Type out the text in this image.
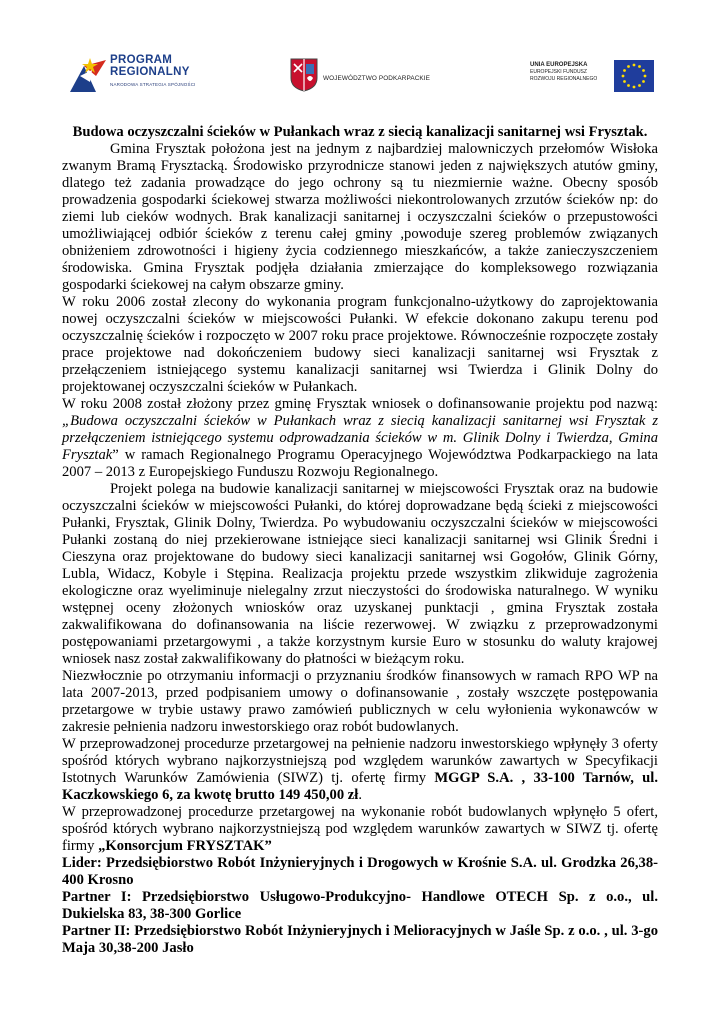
PROGRAM
REGIONALNY
NARODOWA STRATEGIA SPÓJNOŚCI
WOJEWÓDZTWO PODKARPACKIE
UNIA EUROPEJSKA
EUROPEJSKI FUNDUSZ
ROZWOJU REGIONALNEGO

Budowa oczyszczalni ścieków w Pułankach wraz z siecią kanalizacji sanitarnej wsi Frysztak.

Gmina Frysztak położona jest na jednym z najbardziej malowniczych przełomów Wisłoka zwanym Bramą Frysztacką. Środowisko przyrodnicze stanowi jeden z największych atutów gminy, dlatego też zadania prowadzące do jego ochrony są tu niezmiernie ważne. Obecny sposób prowadzenia gospodarki ściekowej stwarza możliwości niekontrolowanych zrzutów ścieków np: do ziemi lub cieków wodnych. Brak kanalizacji sanitarnej i oczyszczalni ścieków o przepustowości umożliwiającej odbiór ścieków z terenu całej gminy ,powoduje szereg problemów związanych obniżeniem zdrowotności i higieny życia codziennego mieszkańców, a także zanieczyszczeniem środowiska. Gmina Frysztak podjęła działania zmierzające do kompleksowego rozwiązania gospodarki ściekowej na całym obszarze gminy.

W roku 2006 został zlecony do wykonania program funkcjonalno-użytkowy do zaprojektowania nowej oczyszczalni ścieków w miejscowości Pułanki. W efekcie dokonano zakupu terenu pod oczyszczalnię ścieków i rozpoczęto w 2007 roku prace projektowe. Równocześnie rozpoczęte zostały prace projektowe nad dokończeniem budowy sieci kanalizacji sanitarnej wsi Frysztak z przełączeniem istniejącego systemu kanalizacji sanitarnej wsi Twierdza i Glinik Dolny do projektowanej oczyszczalni ścieków w Pułankach.

W roku 2008 został złożony przez gminę Frysztak wniosek o dofinansowanie projektu pod nazwą: „Budowa oczyszczalni ścieków w Pułankach wraz z siecią kanalizacji sanitarnej wsi Frysztak z przełączeniem istniejącego systemu odprowadzania ścieków w m. Glinik Dolny i Twierdza, Gmina Frysztak” w ramach Regionalnego Programu Operacyjnego Województwa Podkarpackiego na lata 2007 – 2013 z Europejskiego Funduszu Rozwoju Regionalnego.

Projekt polega na budowie kanalizacji sanitarnej w miejscowości Frysztak oraz na budowie oczyszczalni ścieków w miejscowości Pułanki, do której doprowadzane będą ścieki z miejscowości Pułanki, Frysztak, Glinik Dolny, Twierdza. Po wybudowaniu oczyszczalni ścieków w miejscowości Pułanki zostaną do niej przekierowane istniejące sieci kanalizacji sanitarnej wsi Glinik Średni i Cieszyna oraz projektowane do budowy sieci kanalizacji sanitarnej wsi Gogołów, Glinik Górny, Lubla, Widacz, Kobyle i Stępina. Realizacja projektu przede wszystkim zlikwiduje zagrożenia ekologiczne oraz wyeliminuje nielegalny zrzut nieczystości do środowiska naturalnego. W wyniku wstępnej oceny złożonych wniosków oraz uzyskanej punktacji , gmina Frysztak została zakwalifikowana do dofinansowania na liście rezerwowej. W związku z przeprowadzonymi postępowaniami przetargowymi , a także korzystnym kursie Euro w stosunku do waluty krajowej wniosek nasz został zakwalifikowany do płatności w bieżącym roku.

Niezwłocznie po otrzymaniu informacji o przyznaniu środków finansowych w ramach RPO WP na lata 2007-2013, przed podpisaniem umowy o dofinansowanie , zostały wszczęte postępowania przetargowe w trybie ustawy prawo zamówień publicznych w celu wyłonienia wykonawców w zakresie pełnienia nadzoru inwestorskiego oraz robót budowlanych.

W przeprowadzonej procedurze przetargowej na pełnienie nadzoru inwestorskiego wpłynęły 3 oferty spośród których wybrano najkorzystniejszą pod względem warunków zawartych w Specyfikacji Istotnych Warunków Zamówienia (SIWZ) tj. ofertę firmy MGGP S.A. , 33-100 Tarnów, ul. Kaczkowskiego 6, za kwotę brutto 149 450,00 zł.

W przeprowadzonej procedurze przetargowej na wykonanie robót budowlanych wpłynęło 5 ofert, spośród których wybrano najkorzystniejszą pod względem warunków zawartych w SIWZ tj. ofertę firmy „Konsorcjum FRYSZTAK”

Lider: Przedsiębiorstwo Robót Inżynieryjnych i Drogowych w Krośnie S.A. ul. Grodzka 26,38-400 Krosno

Partner I: Przedsiębiorstwo Usługowo-Produkcyjno- Handlowe OTECH Sp. z o.o., ul. Dukielska 83, 38-300 Gorlice

Partner II: Przedsiębiorstwo Robót Inżynieryjnych i Melioracyjnych w Jaśle Sp. z o.o. , ul. 3-go Maja 30,38-200 Jasło
